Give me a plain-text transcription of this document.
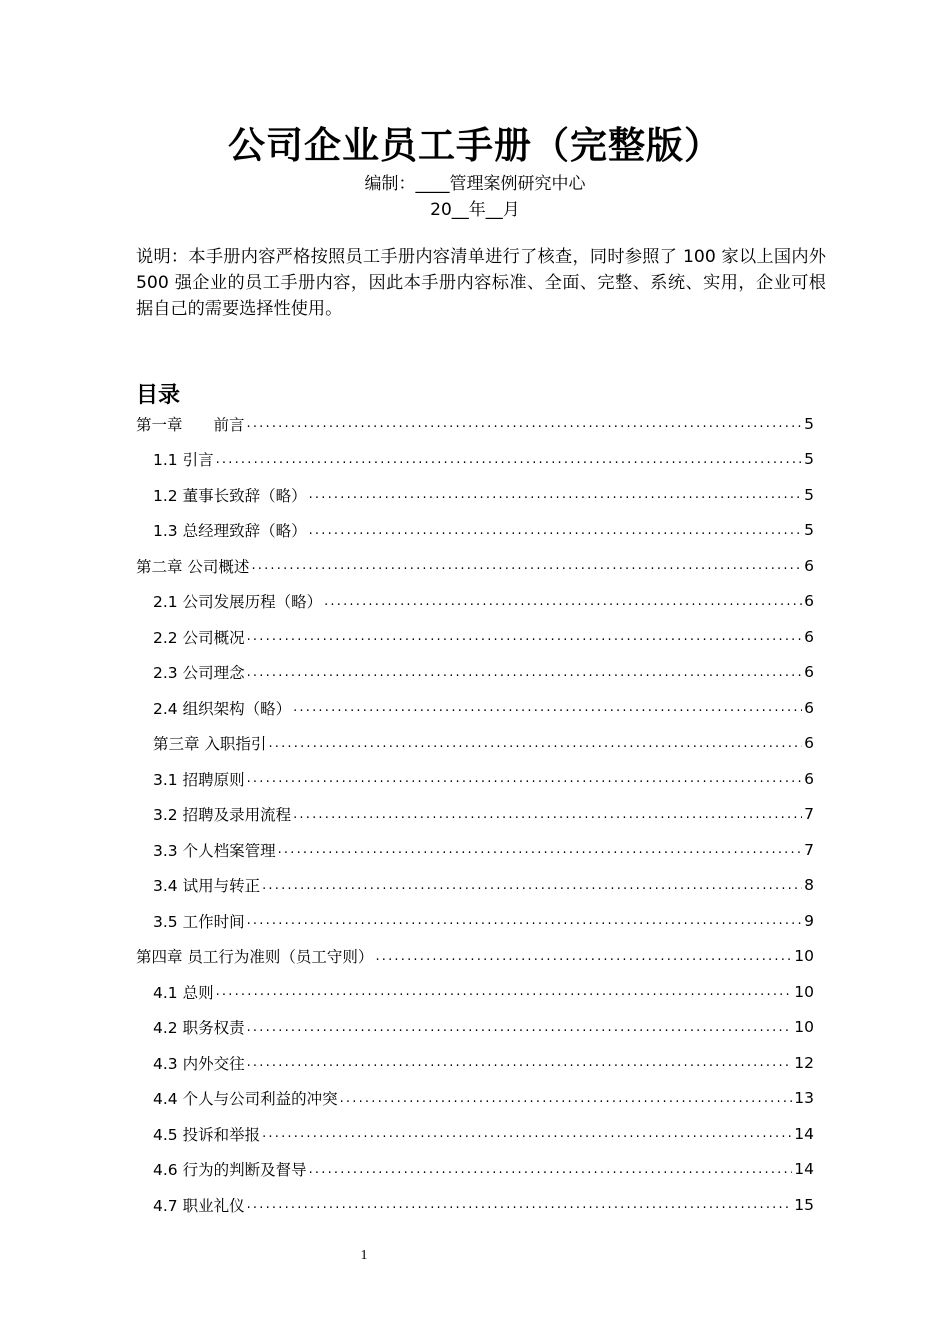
公司企业员工手册（完整版）
编制：____管理案例研究中心
20__年__月
说明：本手册内容严格按照员工手册内容清单进行了核查，同时参照了 100 家以上国内外 500 强企业的员工手册内容，因此本手册内容标准、全面、完整、系统、实用，企业可根据自己的需要选择性使用。
目录
第一章　　前言 .....	5
1.1 引言 .....	5
1.2 董事长致辞（略） .....	5
1.3 总经理致辞（略） .....	5
第二章 公司概述 .....	6
2.1 公司发展历程（略） .....	6
2.2 公司概况 .....	6
2.3 公司理念 .....	6
2.4 组织架构（略） .....	6
第三章 入职指引 .....	6
3.1 招聘原则 .....	6
3.2 招聘及录用流程 .....	7
3.3 个人档案管理 .....	7
3.4 试用与转正 .....	8
3.5 工作时间 .....	9
第四章 员工行为准则（员工守则） .....	10
4.1 总则 .....	10
4.2 职务权责 .....	10
4.3 内外交往 .....	12
4.4 个人与公司利益的冲突 .....	13
4.5 投诉和举报 .....	14
4.6 行为的判断及督导 .....	14
4.7 职业礼仪 .....	15
1
